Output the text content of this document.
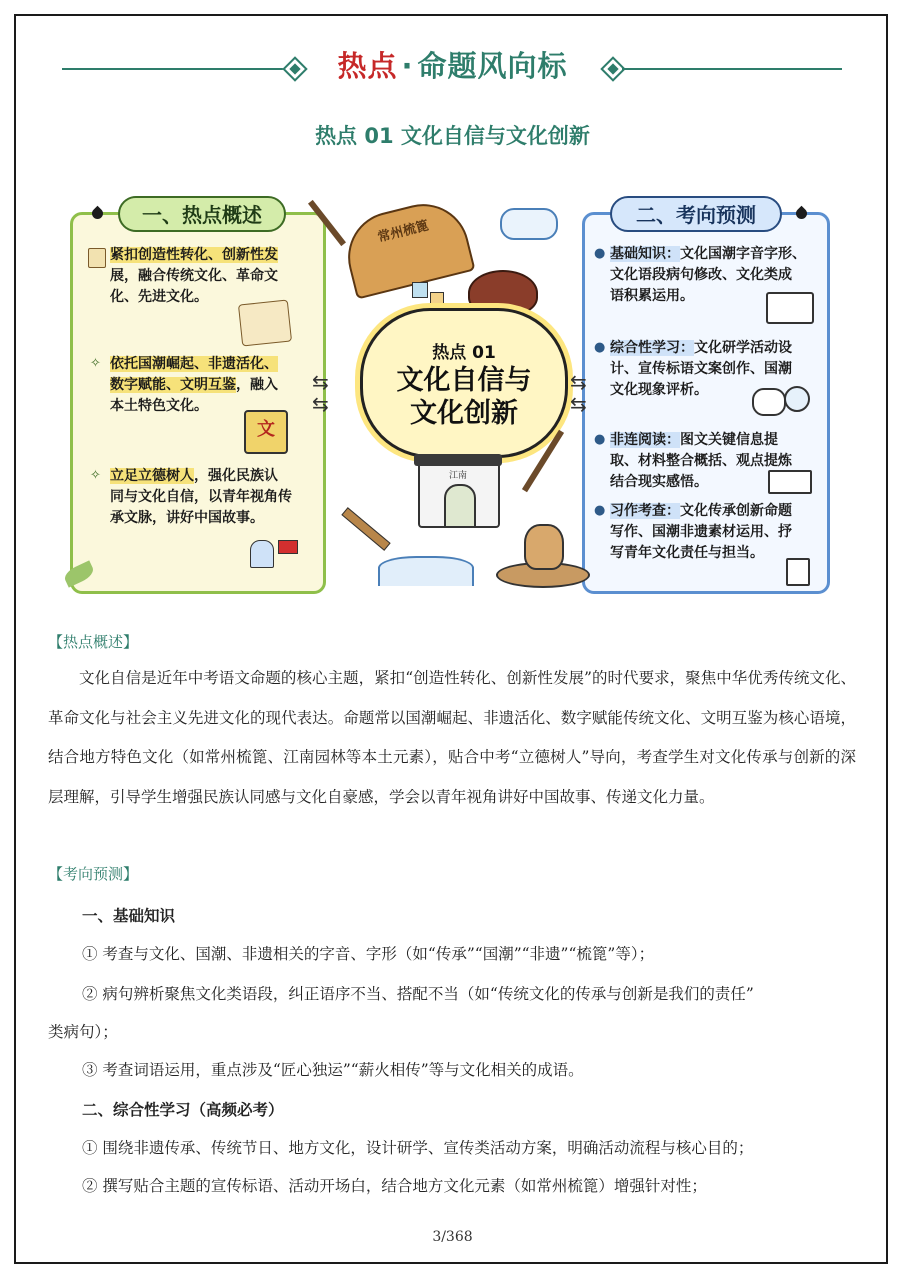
热点 · 命题风向标
热点 01 文化自信与文化创新
一、热点概述
紧扣创造性转化、创新性发
展，融合传统文化、革命文
化、先进文化。
✧ 依托国潮崛起、非遗活化、
数字赋能、文明互鉴，融入
本土特色文化。
文
✧ 立足立德树人，强化民族认
同与文化自信，以青年视角传
承文脉，讲好中国故事。
二、考向预测
● 基础知识：文化国潮字音字形、
文化语段病句修改、文化类成
语积累运用。
● 综合性学习：文化研学活动设
计、宣传标语文案创作、国潮
文化现象评析。
● 非连阅读：图文关键信息提
取、材料整合概括、观点提炼
结合现实感悟。
● 习作考查：文化传承创新命题
写作、国潮非遗素材运用、抒
写青年文化责任与担当。
常州梳篦
热点 01
文化自信与
文化创新
⇆
⇆
⇆
⇆
江南
【热点概述】
文化自信是近年中考语文命题的核心主题，紧扣“创造性转化、创新性发展”的时代要求，聚焦中华优秀传统文化、革命文化与社会主义先进文化的现代表达。命题常以国潮崛起、非遗活化、数字赋能传统文化、文明互鉴为核心语境，结合地方特色文化（如常州梳篦、江南园林等本土元素），贴合中考“立德树人”导向，考查学生对文化传承与创新的深层理解，引导学生增强民族认同感与文化自豪感，学会以青年视角讲好中国故事、传递文化力量。
【考向预测】
一、基础知识
① 考查与文化、国潮、非遗相关的字音、字形（如“传承”“国潮”“非遗”“梳篦”等）；
② 病句辨析聚焦文化类语段，纠正语序不当、搭配不当（如“传统文化的传承与创新是我们的责任”
类病句）；
③ 考查词语运用，重点涉及“匠心独运”“薪火相传”等与文化相关的成语。
二、综合性学习（高频必考）
① 围绕非遗传承、传统节日、地方文化，设计研学、宣传类活动方案，明确活动流程与核心目的；
② 撰写贴合主题的宣传标语、活动开场白，结合地方文化元素（如常州梳篦）增强针对性；
3/368
